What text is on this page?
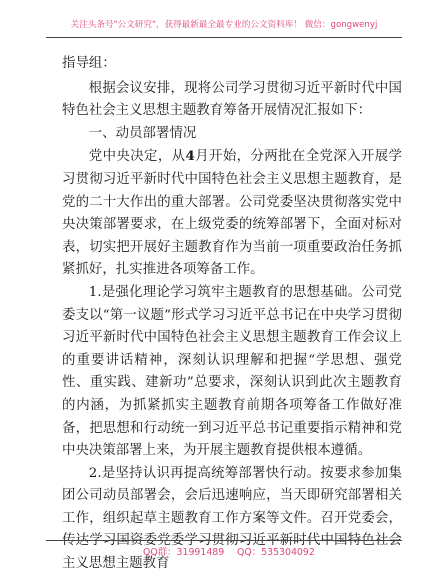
关注头条号"公文研究"，获得最新最全最专业的公文资料库！ 微信：gongwenyj

指导组：

根据会议安排，现将公司学习贯彻习近平新时代中国特色社会主义思想主题教育筹备开展情况汇报如下：

一、动员部署情况

党中央决定，从4月开始，分两批在全党深入开展学习贯彻习近平新时代中国特色社会主义思想主题教育，是党的二十大作出的重大部署。公司党委坚决贯彻落实党中央决策部署要求，在上级党委的统筹部署下，全面对标对表，切实把开展好主题教育作为当前一项重要政治任务抓紧抓好，扎实推进各项筹备工作。

1.是强化理论学习筑牢主题教育的思想基础。公司党委支以“第一议题”形式学习习近平总书记在中央学习贯彻习近平新时代中国特色社会主义思想主题教育工作会议上的重要讲话精神，深刻认识理解和把握“学思想、强党性、重实践、建新功”总要求，深刻认识到此次主题教育的内涵，为抓紧抓实主题教育前期各项筹备工作做好准备，把思想和行动统一到习近平总书记重要指示精神和党中央决策部署上来，为开展主题教育提供根本遵循。

2.是坚持认识再提高统筹部署快行动。按要求参加集团公司动员部署会，会后迅速响应，当天即研究部署相关工作，组织起草主题教育工作方案等文件。召开党委会， 主义思想主题教育

QQ群：31991489 QQ：535304092
